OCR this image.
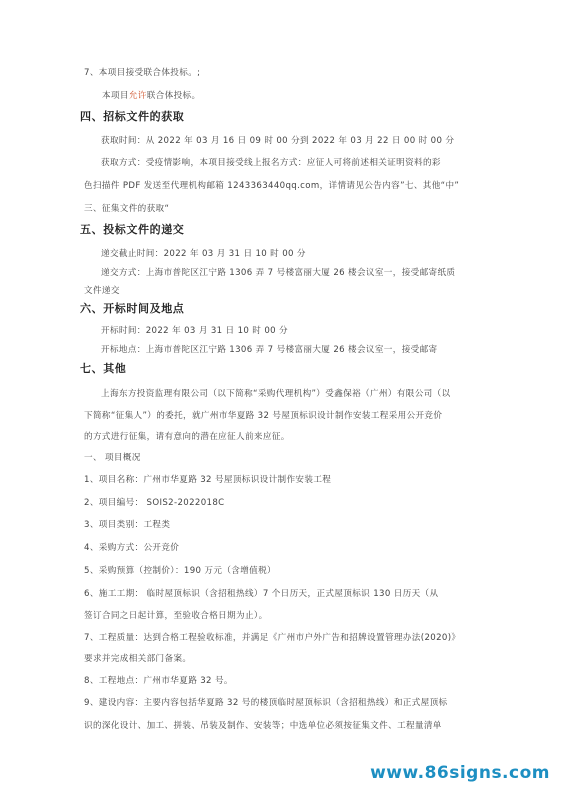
7、本项目接受联合体投标。;
本项目允许联合体投标。
四、招标文件的获取
获取时间：从 2022 年 03 月 16 日 09 时 00 分到 2022 年 03 月 22 日 00 时 00 分
获取方式：受疫情影响，本项目接受线上报名方式：应征人可将前述相关证明资料的彩
色扫描件 PDF 发送至代理机构邮箱 1243363440qq.com，详情请见公告内容”七、其他“中”
三、征集文件的获取“
五、投标文件的递交
递交截止时间：2022 年 03 月 31 日 10 时 00 分
递交方式：上海市普陀区江宁路 1306 弄 7 号楼富丽大厦 26 楼会议室一，接受邮寄纸质
文件递交
六、开标时间及地点
开标时间：2022 年 03 月 31 日 10 时 00 分
开标地点：上海市普陀区江宁路 1306 弄 7 号楼富丽大厦 26 楼会议室一，接受邮寄
七、其他
上海东方投资监理有限公司（以下简称“采购代理机构”）受鑫保裕（广州）有限公司（以
下简称“征集人”）的委托，就广州市华夏路 32 号屋顶标识设计制作安装工程采用公开竞价
的方式进行征集，请有意向的潜在应征人前来应征。
一、 项目概况
1、项目名称：广州市华夏路 32 号屋顶标识设计制作安装工程
2、项目编号： SOIS2-2022018C
3、项目类别：工程类
4、采购方式：公开竞价
5、采购预算（控制价）：190 万元（含增值税）
6、施工工期： 临时屋顶标识（含招租热线）7 个日历天，正式屋顶标识 130 日历天（从
签订合同之日起计算，至验收合格日期为止）。
7、工程质量：达到合格工程验收标准，并满足《广州市户外广告和招牌设置管理办法(2020)》
要求并完成相关部门备案。
8、工程地点：广州市华夏路 32 号。
9、建设内容：主要内容包括华夏路 32 号的楼顶临时屋顶标识（含招租热线）和正式屋顶标
识的深化设计、加工、拼装、吊装及制作、安装等；中选单位必须按征集文件、工程量清单
www.86signs.com
